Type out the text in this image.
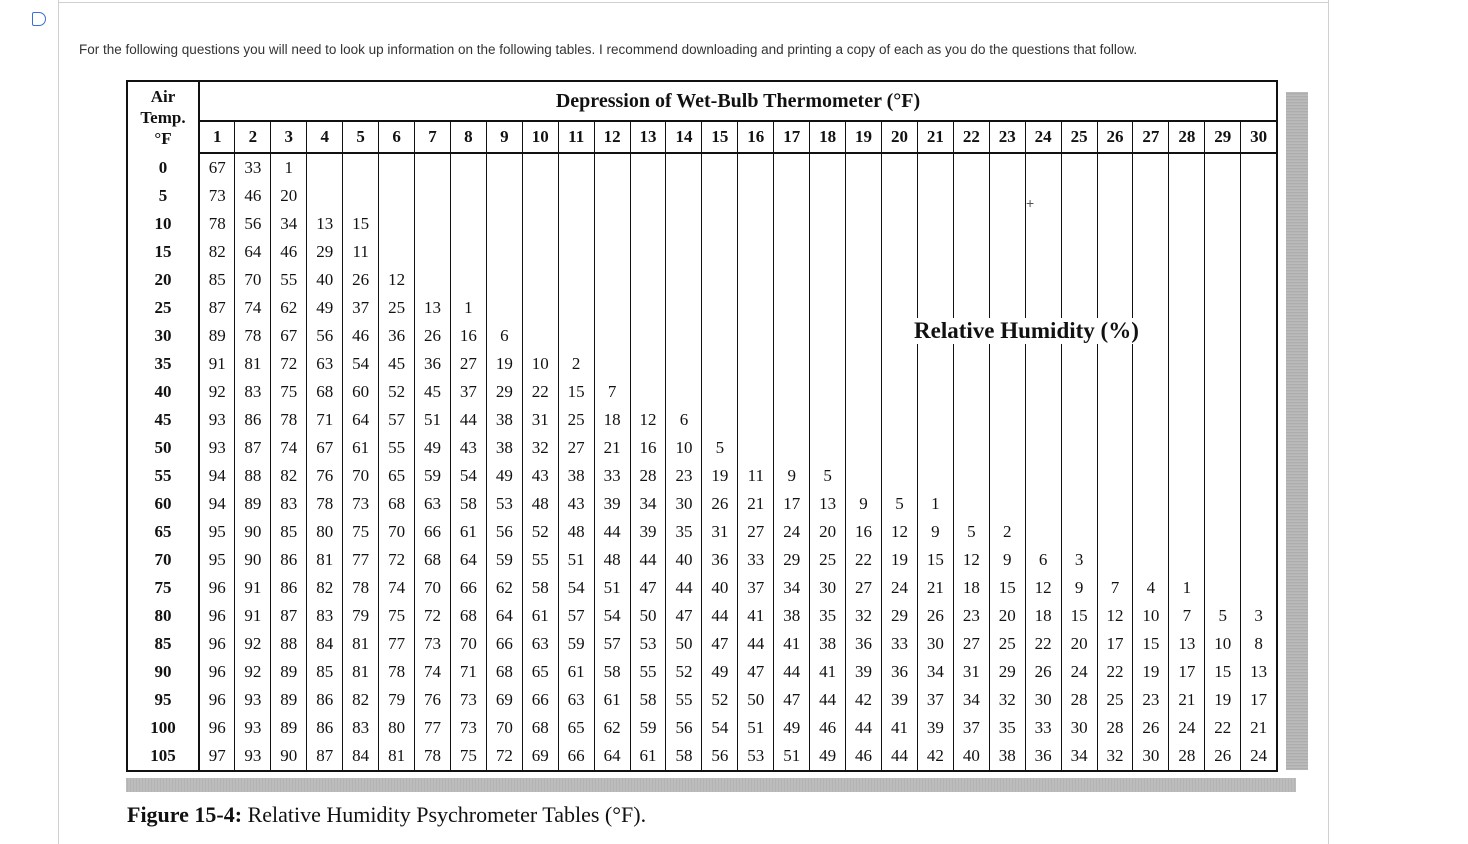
For the following questions you will need to look up information on the following tables. I recommend downloading and printing a copy of each as you do the questions that follow.
Air
Temp.
°F	Depression of Wet-Bulb Thermometer (°F)																													
	1	2	3	4	5	6	7	8	9	10	11	12	13	14	15	16	17	18	19	20	21	22	23	24	25	26	27	28	29	30
0	67	33	1																											
5	73	46	20																											
10	78	56	34	13	15																									
15	82	64	46	29	11																									
20	85	70	55	40	26	12																								
25	87	74	62	49	37	25	13	1																						
30	89	78	67	56	46	36	26	16	6																					
35	91	81	72	63	54	45	36	27	19	10	2																			
40	92	83	75	68	60	52	45	37	29	22	15	7																		
45	93	86	78	71	64	57	51	44	38	31	25	18	12	6																
50	93	87	74	67	61	55	49	43	38	32	27	21	16	10	5															
55	94	88	82	76	70	65	59	54	49	43	38	33	28	23	19	11	9	5												
60	94	89	83	78	73	68	63	58	53	48	43	39	34	30	26	21	17	13	9	5	1									
65	95	90	85	80	75	70	66	61	56	52	48	44	39	35	31	27	24	20	16	12	9	5	2							
70	95	90	86	81	77	72	68	64	59	55	51	48	44	40	36	33	29	25	22	19	15	12	9	6	3					
75	96	91	86	82	78	74	70	66	62	58	54	51	47	44	40	37	34	30	27	24	21	18	15	12	9	7	4	1		
80	96	91	87	83	79	75	72	68	64	61	57	54	50	47	44	41	38	35	32	29	26	23	20	18	15	12	10	7	5	3
85	96	92	88	84	81	77	73	70	66	63	59	57	53	50	47	44	41	38	36	33	30	27	25	22	20	17	15	13	10	8
90	96	92	89	85	81	78	74	71	68	65	61	58	55	52	49	47	44	41	39	36	34	31	29	26	24	22	19	17	15	13
95	96	93	89	86	82	79	76	73	69	66	63	61	58	55	52	50	47	44	42	39	37	34	32	30	28	25	23	21	19	17
100	96	93	89	86	83	80	77	73	70	68	65	62	59	56	54	51	49	46	44	41	39	37	35	33	30	28	26	24	22	21
105	97	93	90	87	84	81	78	75	72	69	66	64	61	58	56	53	51	49	46	44	42	40	38	36	34	32	30	28	26	24
Relative Humidity (%)
+
Figure 15-4: Relative Humidity Psychrometer Tables (°F).
